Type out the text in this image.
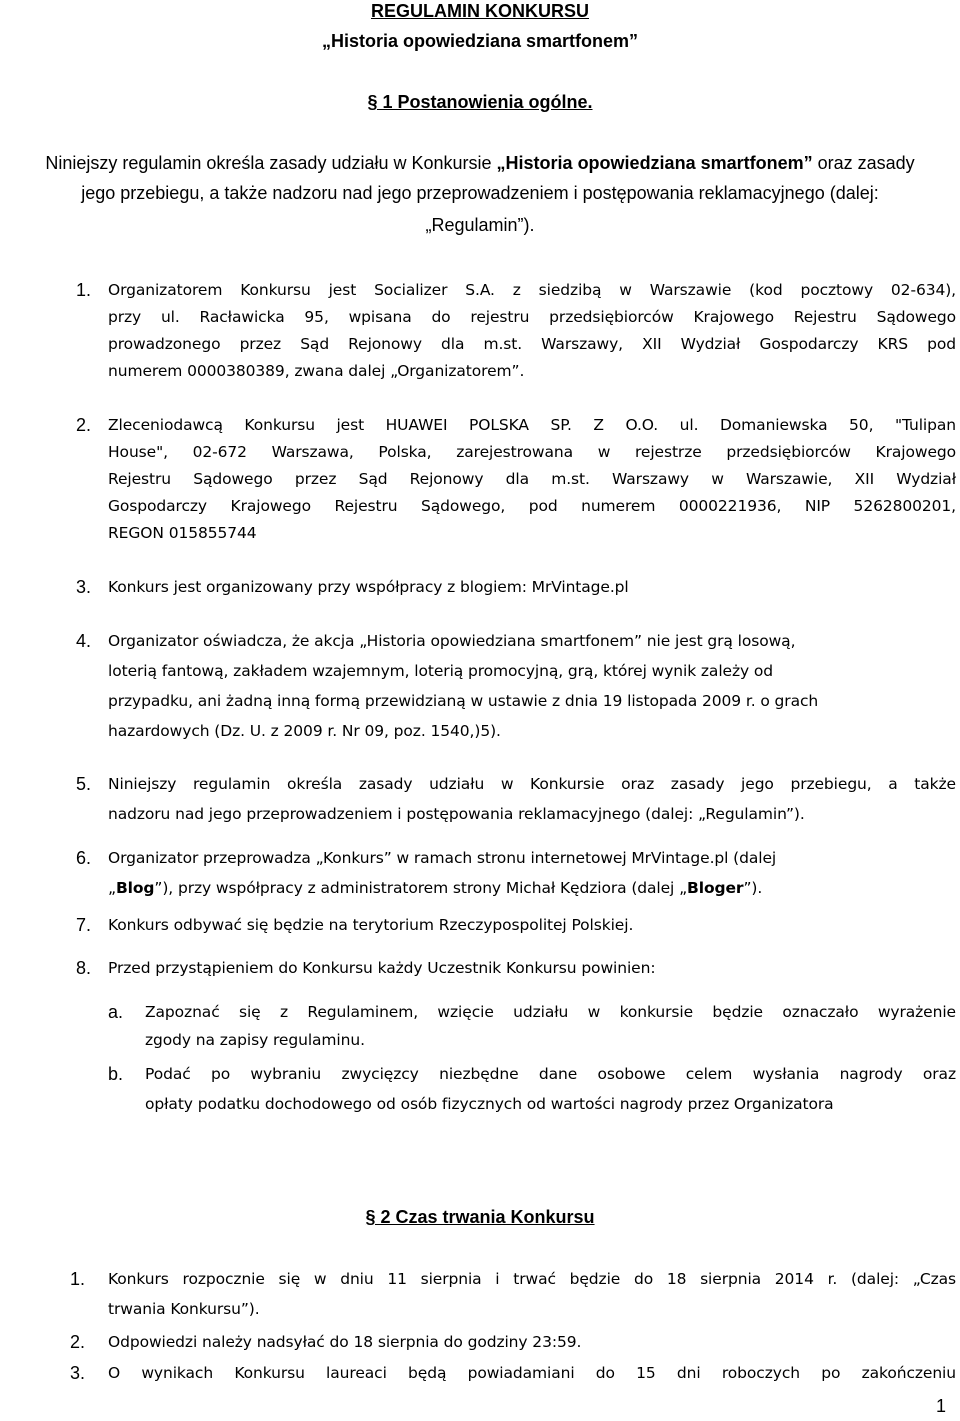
REGULAMIN KONKURSU
„Historia opowiedziana smartfonem”
§ 1 Postanowienia ogólne.
Niniejszy regulamin określa zasady udziału w Konkursie „Historia opowiedziana smartfonem” oraz zasady
jego przebiegu, a także nadzoru nad jego przeprowadzeniem i postępowania reklamacyjnego (dalej:
„Regulamin”).
1.	Organizatorem Konkursu jest Socializer S.A. z siedzibą w Warszawie (kod pocztowy 02-634),
przy ul. Racławicka 95, wpisana do rejestru przedsiębiorców Krajowego Rejestru Sądowego
prowadzonego przez Sąd Rejonowy dla m.st. Warszawy, XII Wydział Gospodarczy KRS pod
numerem 0000380389, zwana dalej „Organizatorem”.
2.	Zleceniodawcą Konkursu jest HUAWEI POLSKA SP. Z O.O. ul. Domaniewska 50, "Tulipan
House", 02-672 Warszawa, Polska, zarejestrowana w rejestrze przedsiębiorców Krajowego
Rejestru Sądowego przez Sąd Rejonowy dla m.st. Warszawy w Warszawie, XII Wydział
Gospodarczy Krajowego Rejestru Sądowego, pod numerem 0000221936, NIP 5262800201,
REGON 015855744
3.	Konkurs jest organizowany przy współpracy z blogiem: MrVintage.pl
4.	Organizator oświadcza, że akcja „Historia opowiedziana smartfonem” nie jest grą losową,
loterią fantową, zakładem wzajemnym, loterią promocyjną, grą, której wynik zależy od
przypadku, ani żadną inną formą przewidzianą w ustawie z dnia 19 listopada 2009 r. o grach
hazardowych (Dz. U. z 2009 r. Nr 09, poz. 1540,)5).
5.	Niniejszy regulamin określa zasady udziału w Konkursie oraz zasady jego przebiegu, a także
nadzoru nad jego przeprowadzeniem i postępowania reklamacyjnego (dalej: „Regulamin”).
6.	Organizator przeprowadza „Konkurs” w ramach stronu internetowej MrVintage.pl (dalej
„Blog”), przy współpracy z administratorem strony Michał Kędziora (dalej „Bloger”).
7.	Konkurs odbywać się będzie na terytorium Rzeczypospolitej Polskiej.
8.	Przed przystąpieniem do Konkursu każdy Uczestnik Konkursu powinien:
a.	Zapoznać się z Regulaminem, wzięcie udziału w konkursie będzie oznaczało wyrażenie
zgody na zapisy regulaminu.
b.	Podać po wybraniu zwycięzcy niezbędne dane osobowe celem wysłania nagrody oraz
opłaty podatku dochodowego od osób fizycznych od wartości nagrody przez Organizatora
§ 2 Czas trwania Konkursu
1.	Konkurs rozpocznie się w dniu 11 sierpnia i trwać będzie do 18 sierpnia 2014 r. (dalej: „Czas
trwania Konkursu”).
2.	Odpowiedzi należy nadsyłać do 18 sierpnia do godziny 23:59.
3.	O wynikach Konkursu laureaci będą powiadamiani do 15 dni roboczych po zakończeniu
1
